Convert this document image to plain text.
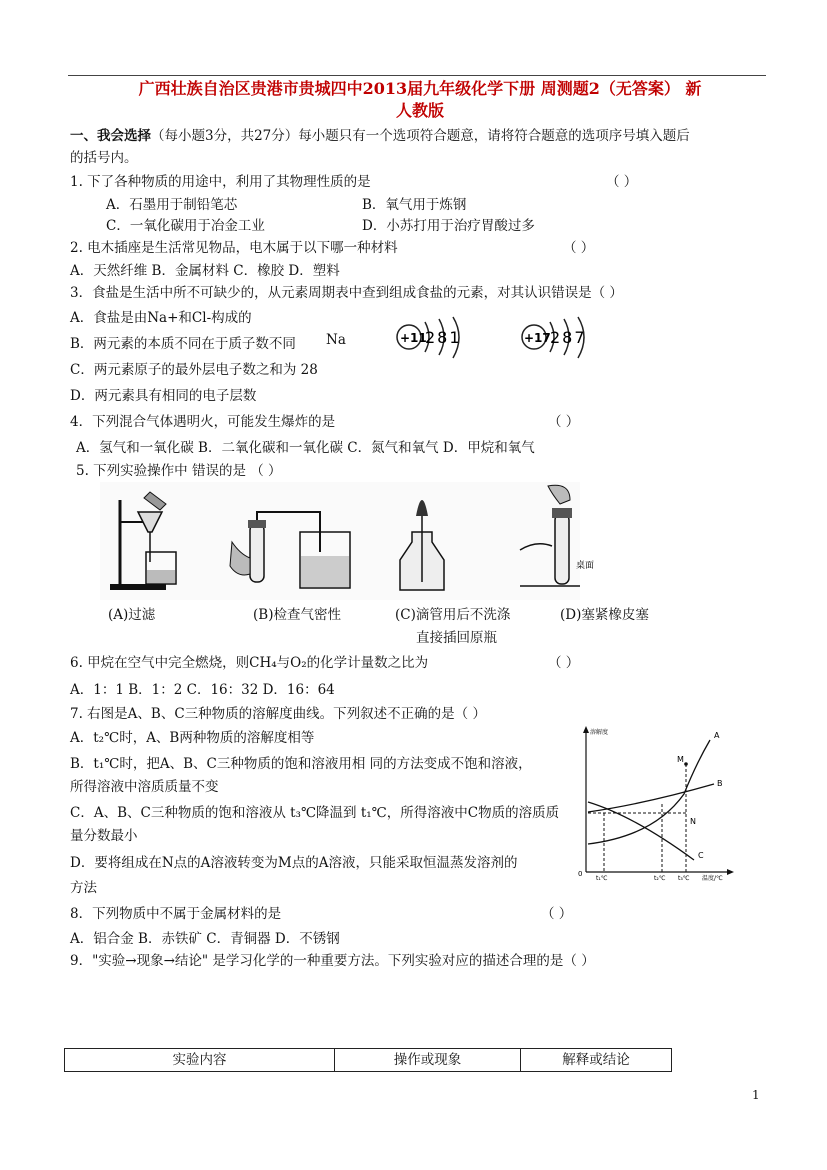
广西壮族自治区贵港市贵城四中2013届九年级化学下册 周测题2（无答案） 新
人教版
一、我会选择（每小题3分，共27分）每小题只有一个选项符合题意，请将符合题意的选项序号填入题后
的括号内。
1. 下了各种物质的用途中，利用了其物理性质的是	（ ）
A．石墨用于制铅笔芯	B．氧气用于炼钢
C．一氧化碳用于冶金工业	D．小苏打用于治疗胃酸过多
2. 电木插座是生活常见物品，电木属于以下哪一种材料	（ ）
A．天然纤维 B．金属材料 C．橡胶 D．塑料
3．食盐是生活中所不可缺少的，从元素周期表中查到组成食盐的元素，对其认识错误是（ ）
A．食盐是由Na+和Cl-构成的
B．两元素的本质不同在于质子数不同 Na
C．两元素原子的最外层电子数之和为 28
D．两元素具有相同的电子层数
+11
281	+17 287
4．下列混合气体遇明火，可能发生爆炸的是	（ ）
A．氢气和一氧化碳 B．二氧化碳和一氧化碳 C．氮气和氧气 D．甲烷和氧气
5. 下列实验操作中 错误的是 （ ）
桌面
(A)过滤	(B)检查气密性	(C)滴管用后不洗涤
直接插回原瓶
(D)塞紧橡皮塞
6. 甲烷在空气中完全燃烧，则CH₄与O₂的化学计量数之比为	（ ）
A．1：1 B．1：2 C．16：32 D．16：64
7. 右图是A、B、C三种物质的溶解度曲线。下列叙述不正确的是（ ）
A．t₂℃时，A、B两种物质的溶解度相等
B．t₁℃时，把A、B、C三种物质的饱和溶液用相 同的方法变成不饱和溶液，
所得溶液中溶质质量不变
C．A、B、C三种物质的饱和溶液从 t₃℃降温到 t₁℃，所得溶液中C物质的溶质质
量分数最小
D．要将组成在N点的A溶液转变为M点的A溶液，只能采取恒温蒸发溶剂的
方法
溶解度
温度/℃
0
A
B
C
M
N
t₁℃	t₂℃ t₃℃
8．下列物质中不属于金属材料的是	（ ）
A．铝合金 B．赤铁矿 C．青铜器 D．不锈钢
9．"实验→现象→结论" 是学习化学的一种重要方法。下列实验对应的描述合理的是（ ）
实验内容	操作或现象	解释或结论
1
